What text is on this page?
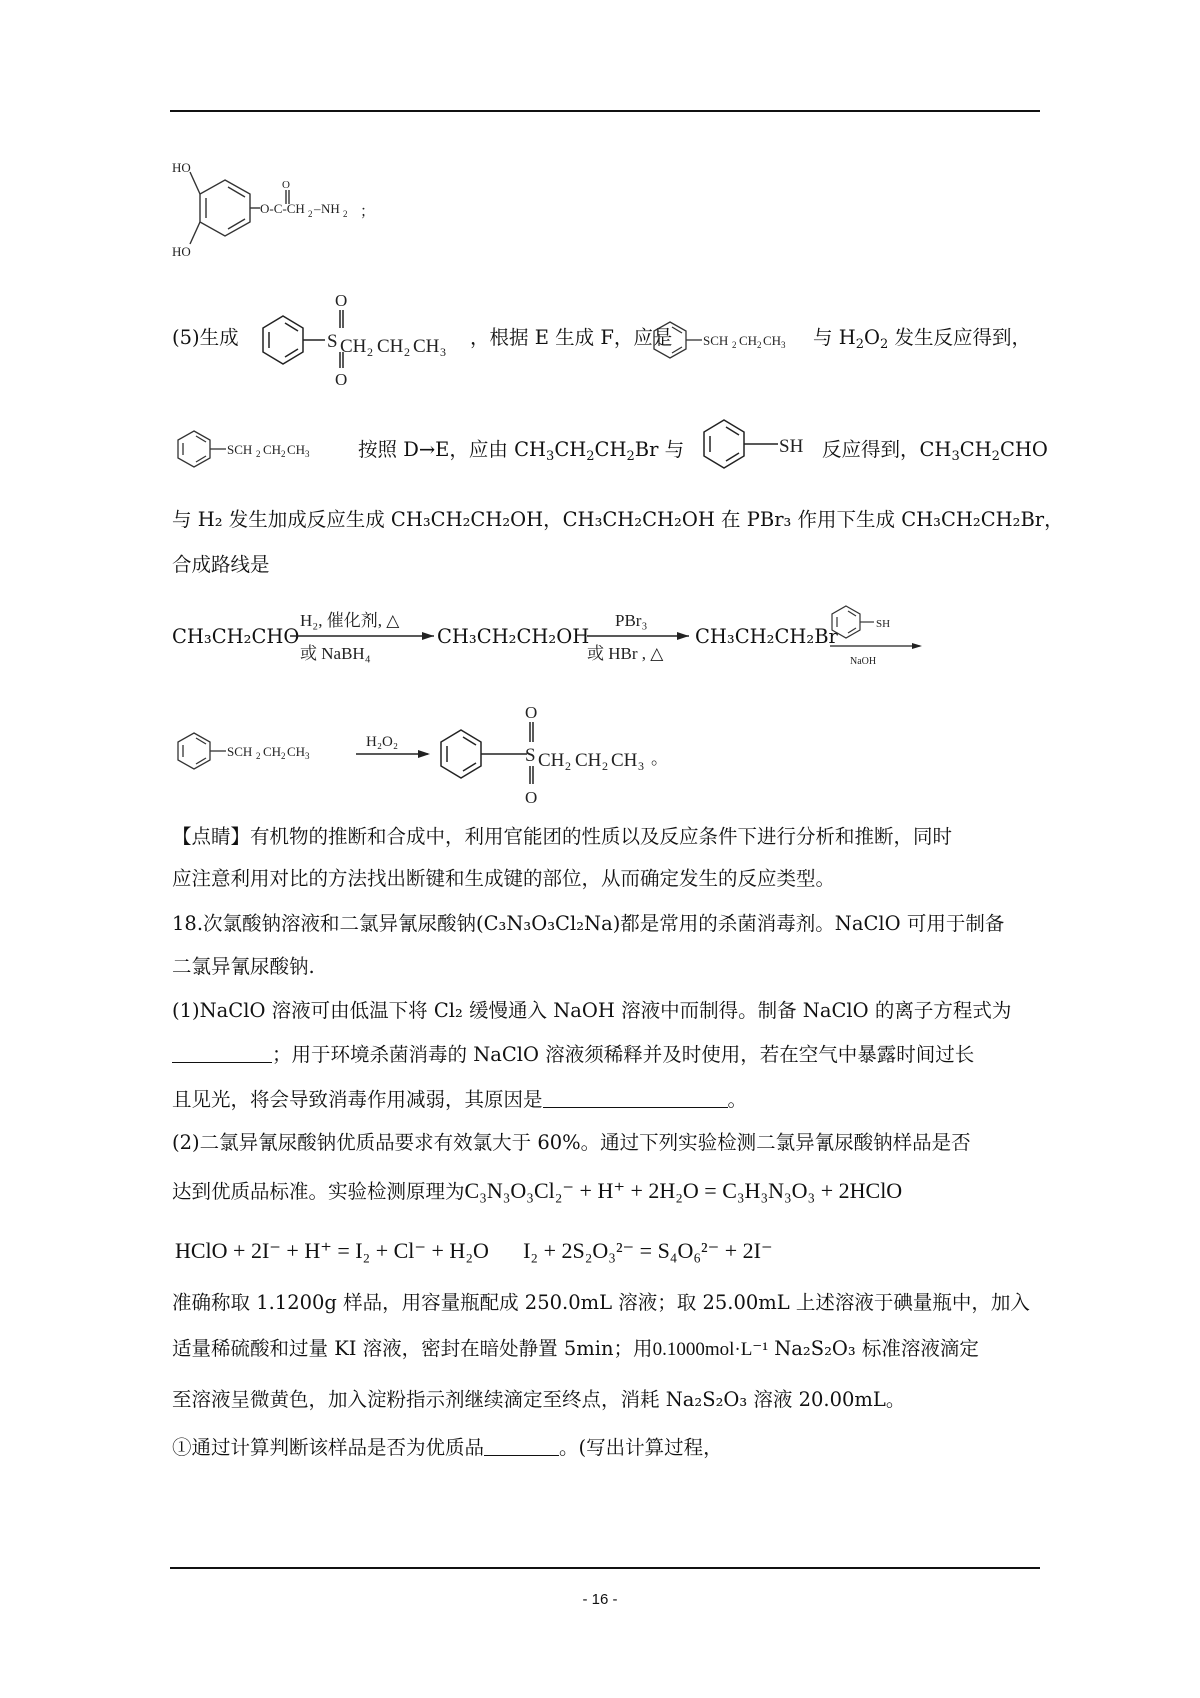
HO
HO
O
O-C-CH 2 – NH 2 ；
(5)生成
O
O
S CH 2 CH 2 CH 3
，根据 E 生成 F，应是 SCH 2 CH 2 CH 3 与 $H_2O_2$ 发生反应得到，
SCH 2 CH 2 CH 3 按照 D→E，应由 $CH_3CH_2CH_2Br$ 与	SH 反应得到，$CH_3CH_2CHO$
与 H₂ 发生加成反应生成 CH₃CH₂CH₂OH，CH₃CH₂CH₂OH 在 PBr₃ 作用下生成 CH₃CH₂CH₂Br，
合成路线是
CH₃CH₂CHO
H₂, 催化剂, △
或 NaBH₄
CH₃CH₂CH₂OH
PBr₃
或 HBr , △
CH₃CH₂CH₂Br
SH
NaOH
SCH 2 CH 2 CH 3
H₂O₂
O
O
S CH 2 CH 2 CH 3 。
【点睛】有机物的推断和合成中，利用官能团的性质以及反应条件下进行分析和推断，同时
应注意利用对比的方法找出断键和生成键的部位，从而确定发生的反应类型。
18.次氯酸钠溶液和二氯异氰尿酸钠(C₃N₃O₃Cl₂Na)都是常用的杀菌消毒剂。NaClO 可用于制备
二氯异氰尿酸钠.
(1)NaClO 溶液可由低温下将 Cl₂ 缓慢通入 NaOH 溶液中而制得。制备 NaClO 的离子方程式为
；用于环境杀菌消毒的 NaClO 溶液须稀释并及时使用，若在空气中暴露时间过长
且见光，将会导致消毒作用减弱，其原因是	。
(2)二氯异氰尿酸钠优质品要求有效氯大于 60%。通过下列实验检测二氯异氰尿酸钠样品是否
达到优质品标准。实验检测原理为C₃N₃O₃Cl₂⁻ + H⁺ + 2H₂O = C₃H₃N₃O₃ + 2HClO
HClO + 2I⁻ + H⁺ = I₂ + Cl⁻ + H₂O I₂ + 2S₂O₃²⁻ = S₄O₆²⁻ + 2I⁻
准确称取 1.1200g 样品，用容量瓶配成 250.0mL 溶液；取 25.00mL 上述溶液于碘量瓶中，加入
适量稀硫酸和过量 KI 溶液，密封在暗处静置 5min；用0.1000mol·L⁻¹ Na₂S₂O₃ 标准溶液滴定
至溶液呈微黄色，加入淀粉指示剂继续滴定至终点，消耗 Na₂S₂O₃ 溶液 20.00mL。
①通过计算判断该样品是否为优质品	。(写出计算过程，
- 16 -
